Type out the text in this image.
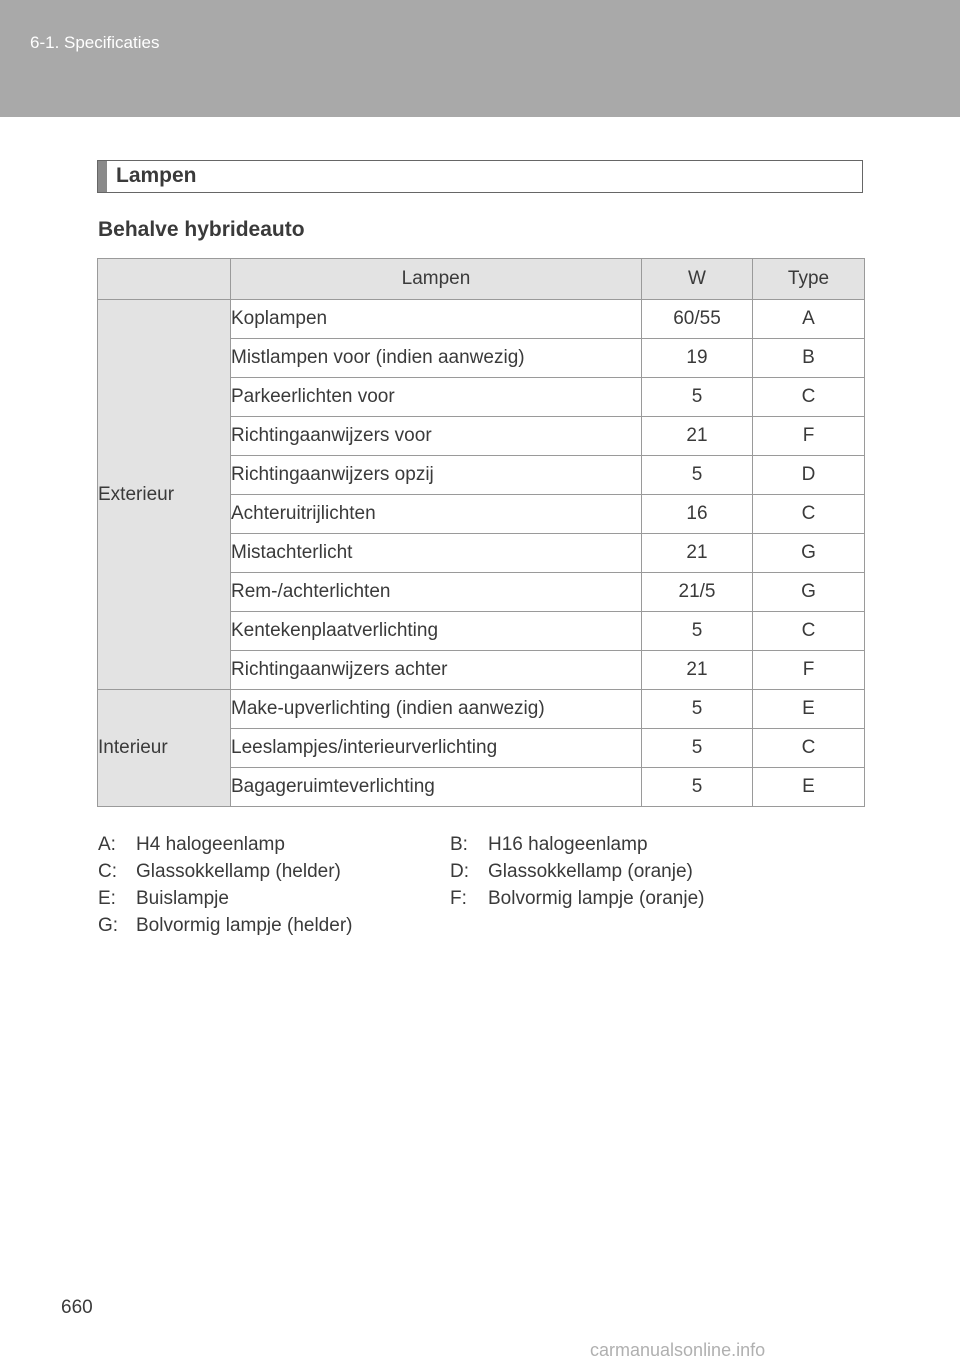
6-1. Specificaties
Lampen
Behalve hybrideauto
	Lampen	W	Type
Exterieur	Koplampen	60/55	A
	Mistlampen voor (indien aanwezig)	19	B
	Parkeerlichten voor	5	C
	Richtingaanwijzers voor	21	F
	Richtingaanwijzers opzij	5	D
	Achteruitrijlichten	16	C
	Mistachterlicht	21	G
	Rem-/achterlichten	21/5	G
	Kentekenplaatverlichting	5	C
	Richtingaanwijzers achter	21	F
Interieur	Make-upverlichting (indien aanwezig)	5	E
	Leeslampjes/interieurverlichting	5	C
	Bagageruimteverlichting	5	E
A: H4 halogeenlamp	B: H16 halogeenlamp
C: Glassokkellamp (helder)	D: Glassokkellamp (oranje)
E: Buislampje	F: Bolvormig lampje (oranje)
G: Bolvormig lampje (helder)
660
carmanualsonline.info
